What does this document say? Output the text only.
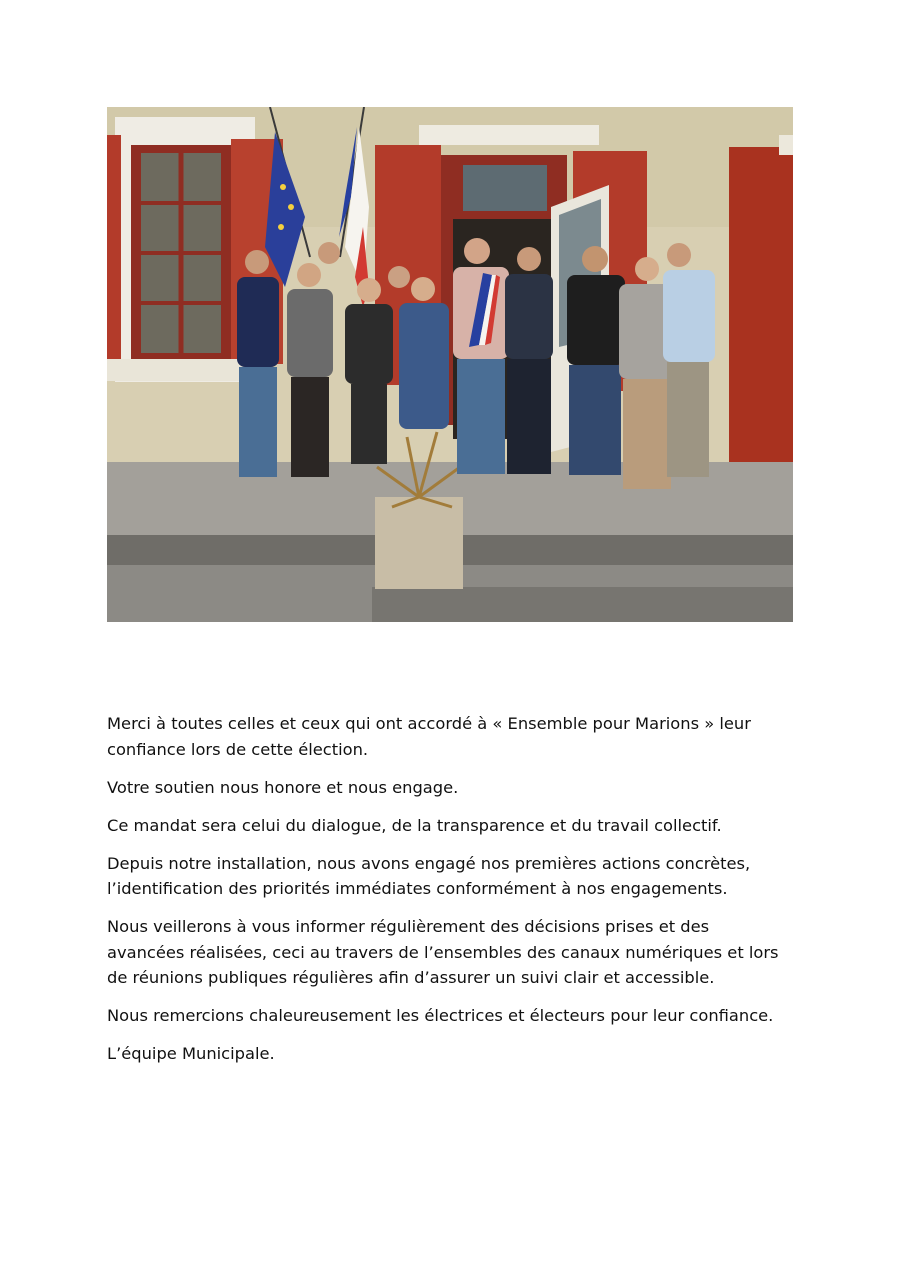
Merci à toutes celles et ceux qui ont accordé à « Ensemble pour Marions » leur confiance lors de cette élection.

Votre soutien nous honore et nous engage.

Ce mandat sera celui du dialogue, de la transparence et du travail collectif.

Depuis notre installation, nous avons engagé nos premières actions concrètes, l’identification des priorités immédiates conformément à nos engagements.

Nous veillerons à vous informer régulièrement des décisions prises et des avancées réalisées, ceci au travers de l’ensembles des canaux numériques et lors de réunions publiques régulières afin d’assurer un suivi clair et accessible.

Nous remercions chaleureusement les électrices et électeurs pour leur confiance.

L’équipe Municipale.
